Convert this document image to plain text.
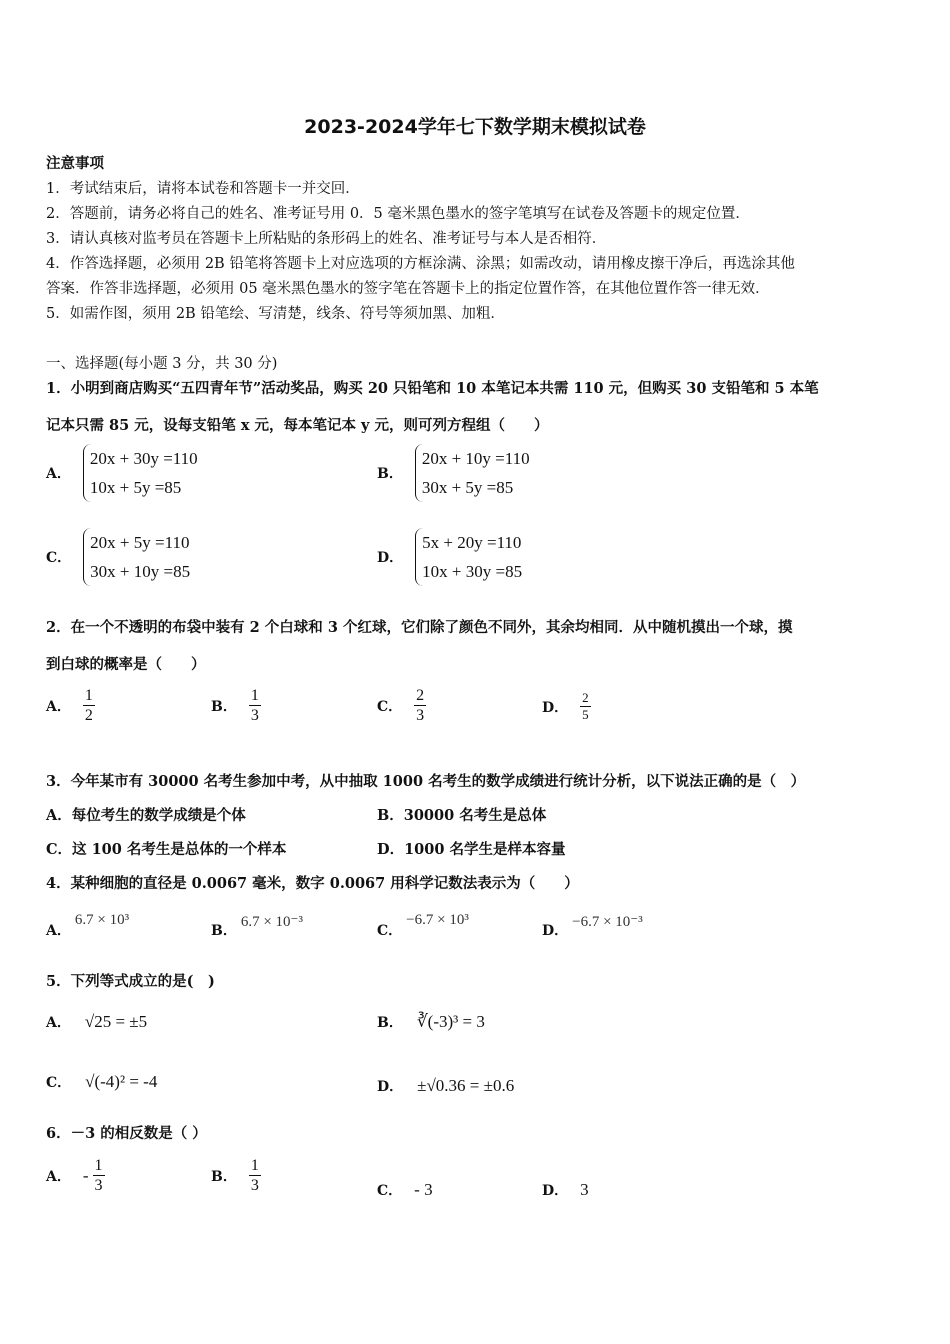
2023-2024学年七下数学期末模拟试卷
注意事项
1．考试结束后，请将本试卷和答题卡一并交回．
2．答题前，请务必将自己的姓名、准考证号用 0．5 毫米黑色墨水的签字笔填写在试卷及答题卡的规定位置．
3．请认真核对监考员在答题卡上所粘贴的条形码上的姓名、准考证号与本人是否相符．
4．作答选择题，必须用 2B 铅笔将答题卡上对应选项的方框涂满、涂黑；如需改动，请用橡皮擦干净后，再选涂其他
答案．作答非选择题，必须用 05 毫米黑色墨水的签字笔在答题卡上的指定位置作答，在其他位置作答一律无效．
5．如需作图，须用 2B 铅笔绘、写清楚，线条、符号等须加黑、加粗．
一、选择题(每小题 3 分，共 30 分)
1．小明到商店购买“五四青年节”活动奖品，购买 20 只铅笔和 10 本笔记本共需 110 元，但购买 30 支铅笔和 5 本笔
记本只需 85 元，设每支铅笔 x 元，每本笔记本 y 元，则可列方程组（　　）
A．
20x + 30y =110
10x + 5y =85
B．
20x + 10y =110
30x + 5y =85
C．
20x + 5y =110
30x + 10y =85
D．
5x + 20y =110
10x + 30y =85
2．在一个不透明的布袋中装有 2 个白球和 3 个红球，它们除了颜色不同外，其余均相同．从中随机摸出一个球，摸
到白球的概率是（　　）
A． $\frac{1}{2}$	B． $\frac{1}{3}$	C． $\frac{2}{3}$	D． $\frac{2}{5}$
3．今年某市有 30000 名考生参加中考，从中抽取 1000 名考生的数学成绩进行统计分析，以下说法正确的是（　）
A．每位考生的数学成绩是个体	B．30000 名考生是总体
C．这 100 名考生是总体的一个样本	D．1000 名学生是样本容量
4．某种细胞的直径是 0.0067 毫米，数字 0.0067 用科学记数法表示为（　　）
A．
6.7 × 10³
B．
6.7 × 10⁻³
C．
−6.7 × 10³
D．
−6.7 × 10⁻³
5．下列等式成立的是(　)
A． √25 = ±5	B． ∛(-3)³ = 3
C． √(-4)² = -4	D． ±√0.36 = ±0.6
6．－3 的相反数是（ ）
A． - $\frac{1}{3}$	B． $\frac{1}{3}$	C． - 3	D． 3
